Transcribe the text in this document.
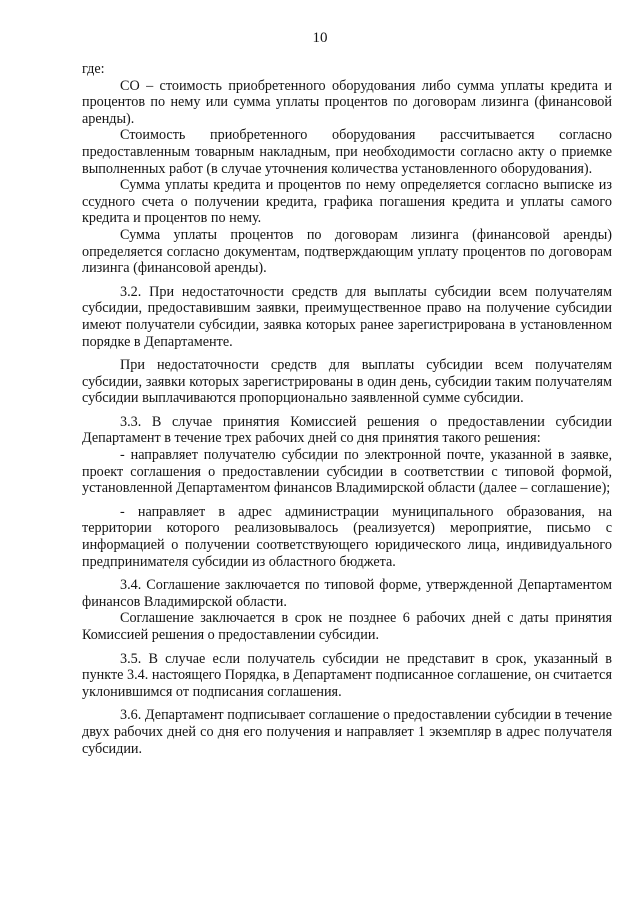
10

где:

СО – стоимость приобретенного оборудования либо сумма уплаты кредита и процентов по нему или сумма уплаты процентов по договорам лизинга (финансовой аренды).

Стоимость приобретенного оборудования рассчитывается согласно предоставленным товарным накладным, при необходимости согласно акту о приемке выполненных работ (в случае уточнения количества установленного оборудования).

Сумма уплаты кредита и процентов по нему определяется согласно выписке из ссудного счета о получении кредита, графика погашения кредита и уплаты самого кредита и процентов по нему.

Сумма уплаты процентов по договорам лизинга (финансовой аренды) определяется согласно документам, подтверждающим уплату процентов по договорам лизинга (финансовой аренды).

3.2. При недостаточности средств для выплаты субсидии всем получателям субсидии, предоставившим заявки, преимущественное право на получение субсидии имеют получатели субсидии, заявка которых ранее зарегистрирована в установленном порядке в Департаменте.

При недостаточности средств для выплаты субсидии всем получателям субсидии, заявки которых зарегистрированы в один день, субсидии таким получателям субсидии выплачиваются пропорционально заявленной сумме субсидии.

3.3. В случае принятия Комиссией решения о предоставлении субсидии Департамент в течение трех рабочих дней со дня принятия такого решения:

- направляет получателю субсидии по электронной почте, указанной в заявке, проект соглашения о предоставлении субсидии в соответствии с типовой формой, установленной Департаментом финансов Владимирской области (далее – соглашение);

- направляет в адрес администрации муниципального образования, на территории которого реализовывалось (реализуется) мероприятие, письмо с информацией о получении соответствующего юридического лица, индивидуального предпринимателя субсидии из областного бюджета.

3.4. Соглашение заключается по типовой форме, утвержденной Департаментом финансов Владимирской области.

Соглашение заключается в срок не позднее 6 рабочих дней с даты принятия Комиссией решения о предоставлении субсидии.

3.5. В случае если получатель субсидии не представит в срок, указанный в пункте 3.4. настоящего Порядка, в Департамент подписанное соглашение, он считается уклонившимся от подписания соглашения.

3.6. Департамент подписывает соглашение о предоставлении субсидии в течение двух рабочих дней со дня его получения и направляет 1 экземпляр в адрес получателя субсидии.
